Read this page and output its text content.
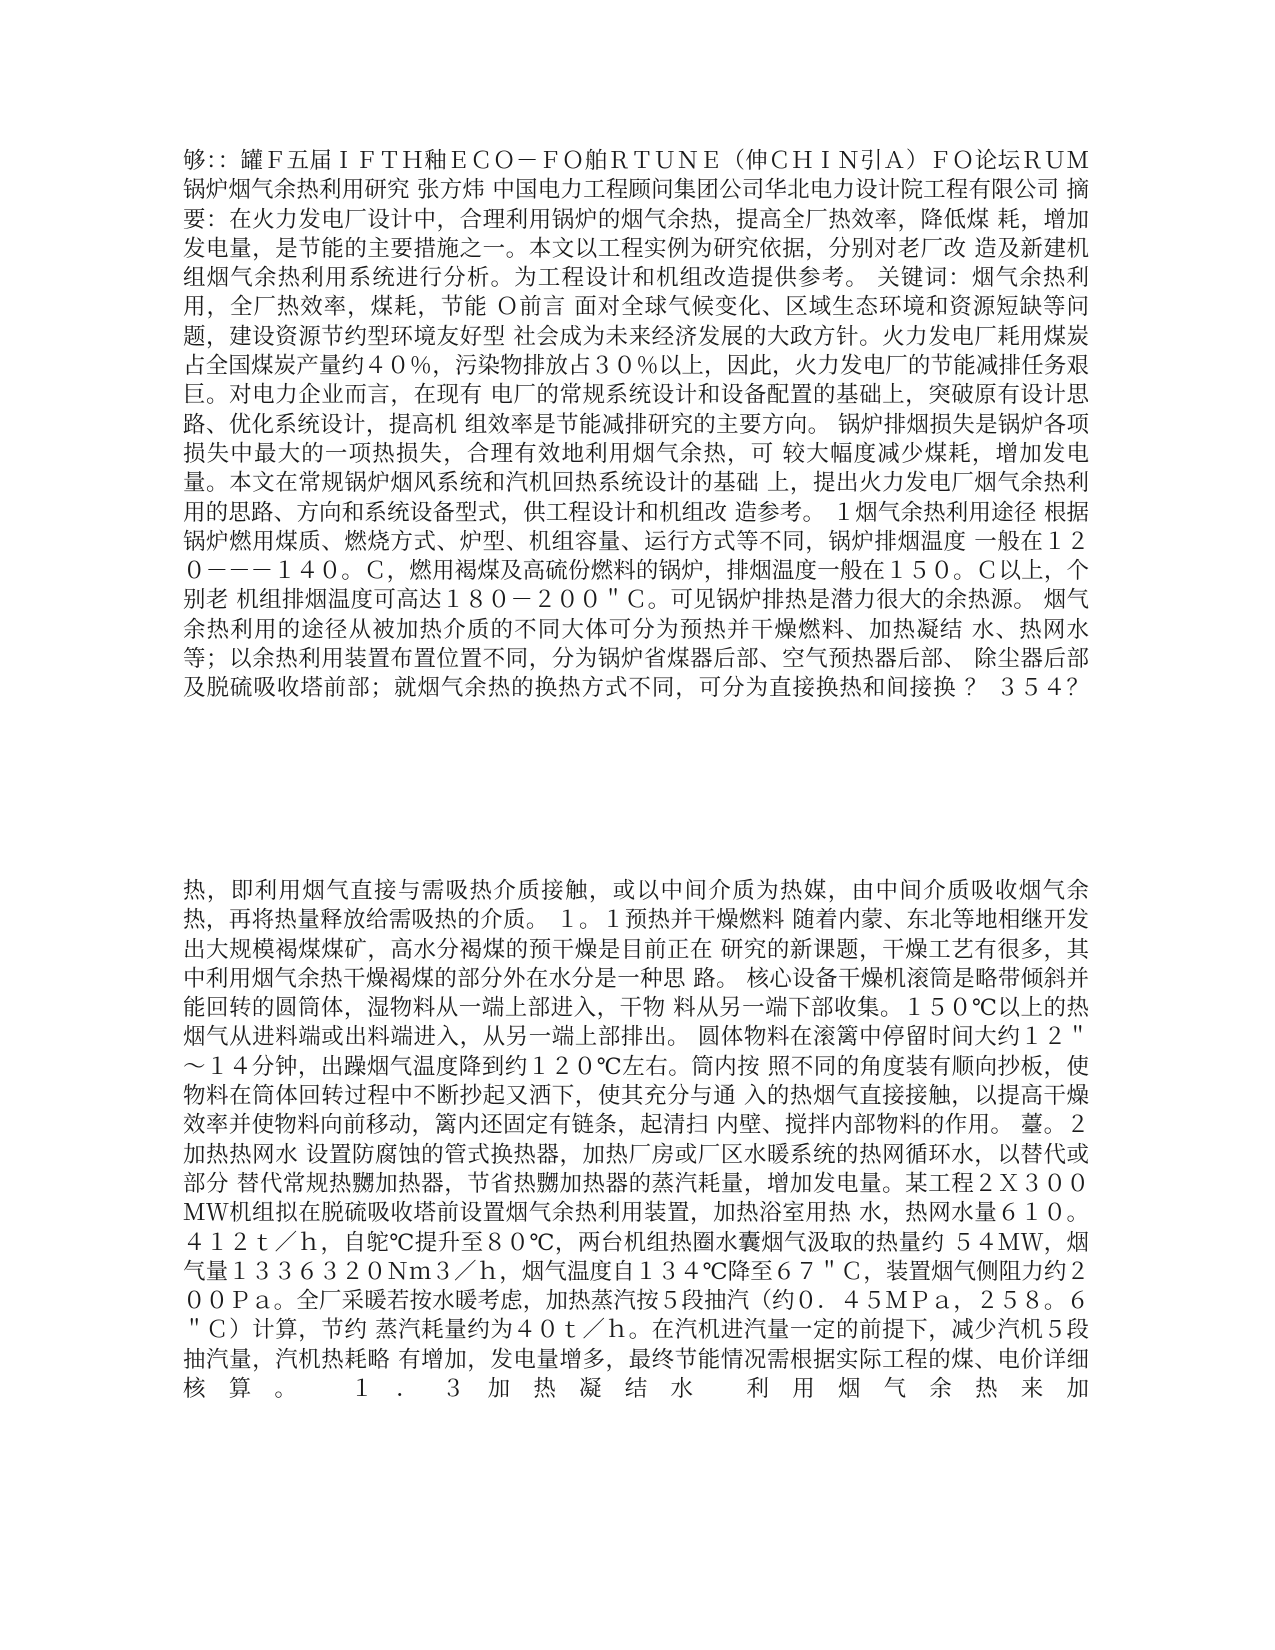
够：：罐Ｆ五届ＩＦＴＨ釉ＥＣＯ－ＦＯ舶ＲＴＵＮＥ（伸ＣＨＩＮ引Ａ）ＦＯ论坛ＲＵＭ 锅炉烟气余热利用研究 张方炜 中国电力工程顾问集团公司华北电力设计院工程有限公司 摘要：在火力发电厂设计中，合理利用锅炉的烟气余热，提高全厂热效率，降低煤 耗，增加发电量，是节能的主要措施之一。本文以工程实例为研究依据，分别对老厂改 造及新建机组烟气余热利用系统进行分析。为工程设计和机组改造提供参考。 关键词：烟气余热利用，全厂热效率，煤耗，节能 Ｏ前言 面对全球气候变化、区域生态环境和资源短缺等问题，建设资源节约型环境友好型 社会成为未来经济发展的大政方针。火力发电厂耗用煤炭占全国煤炭产量约４０％，污染物排放占３０％以上，因此，火力发电厂的节能减排任务艰巨。对电力企业而言，在现有 电厂的常规系统设计和设备配置的基础上，突破原有设计思路、优化系统设计，提高机 组效率是节能减排研究的主要方向。 锅炉排烟损失是锅炉各项损失中最大的一项热损失，合理有效地利用烟气余热，可 较大幅度减少煤耗，增加发电量。本文在常规锅炉烟风系统和汽机回热系统设计的基础 上，提出火力发电厂烟气余热利用的思路、方向和系统设备型式，供工程设计和机组改 造参考。 １烟气余热利用途径 根据锅炉燃用煤质、燃烧方式、炉型、机组容量、运行方式等不同，锅炉排烟温度 一般在１２０－－－１４０。Ｃ，燃用褐煤及高硫份燃料的锅炉，排烟温度一般在１５０。Ｃ以上，个别老 机组排烟温度可高达１８０－２００＂Ｃ。可见锅炉排热是潜力很大的余热源。 烟气余热利用的途径从被加热介质的不同大体可分为预热并干燥燃料、加热凝结 水、热网水等；以余热利用装置布置位置不同，分为锅炉省煤器后部、空气预热器后部、 除尘器后部及脱硫吸收塔前部；就烟气余热的换热方式不同，可分为直接换热和间接换 ？ ３５４？

热，即利用烟气直接与需吸热介质接触，或以中间介质为热媒，由中间介质吸收烟气余 热，再将热量释放给需吸热的介质。 １。１预热并干燥燃料 随着内蒙、东北等地相继开发出大规模褐煤煤矿，高水分褐煤的预干燥是目前正在 研究的新课题，干燥工艺有很多，其中利用烟气余热干燥褐煤的部分外在水分是一种思 路。 核心设备干燥机滚筒是略带倾斜并能回转的圆筒体，湿物料从一端上部进入，干物 料从另一端下部收集。１５０℃以上的热烟气从进料端或出料端进入，从另一端上部排出。 圆体物料在滚篱中停留时间大约１２＂～１４分钟，出躁烟气温度降到约１２０℃左右。筒内按 照不同的角度装有顺向抄板，使物料在筒体回转过程中不断抄起又洒下，使其充分与通 入的热烟气直接接触，以提高干燥效率并使物料向前移动，篱内还固定有链条，起清扫 内壁、搅拌内部物料的作用。 薹。２加热热网水 设置防腐蚀的管式换热器，加热厂房或厂区水暖系统的热网循环水，以替代或部分 替代常规热嬲加热器，节省热嬲加热器的蒸汽耗量，增加发电量。某工程２Ｘ３００ＭＷ机组拟在脱硫吸收塔前设置烟气余热利用装置，加热浴室用热 水，热网水量６１０。４１２ｔ／ｈ，自鸵℃提升至８０℃，两台机组热圈水囊烟气汲取的热量约 ５４ＭＷ，烟气量１３３６３２０Ｎｍ３／ｈ，烟气温度自１３４℃降至６７＂Ｃ，装置烟气侧阻力约２００Ｐａ。全厂采暖若按水暖考虑，加热蒸汽按５段抽汽（约０．４５ＭＰａ，２５８。６＂Ｃ）计算，节约 蒸汽耗量约为４０ｔ／ｈ。在汽机进汽量一定的前提下，减少汽机５段抽汽量，汽机热耗略 有增加，发电量增多，最终节能情况需根据实际工程的煤、电价详细核算。 １．３加热凝结水 利用烟气余热来加
